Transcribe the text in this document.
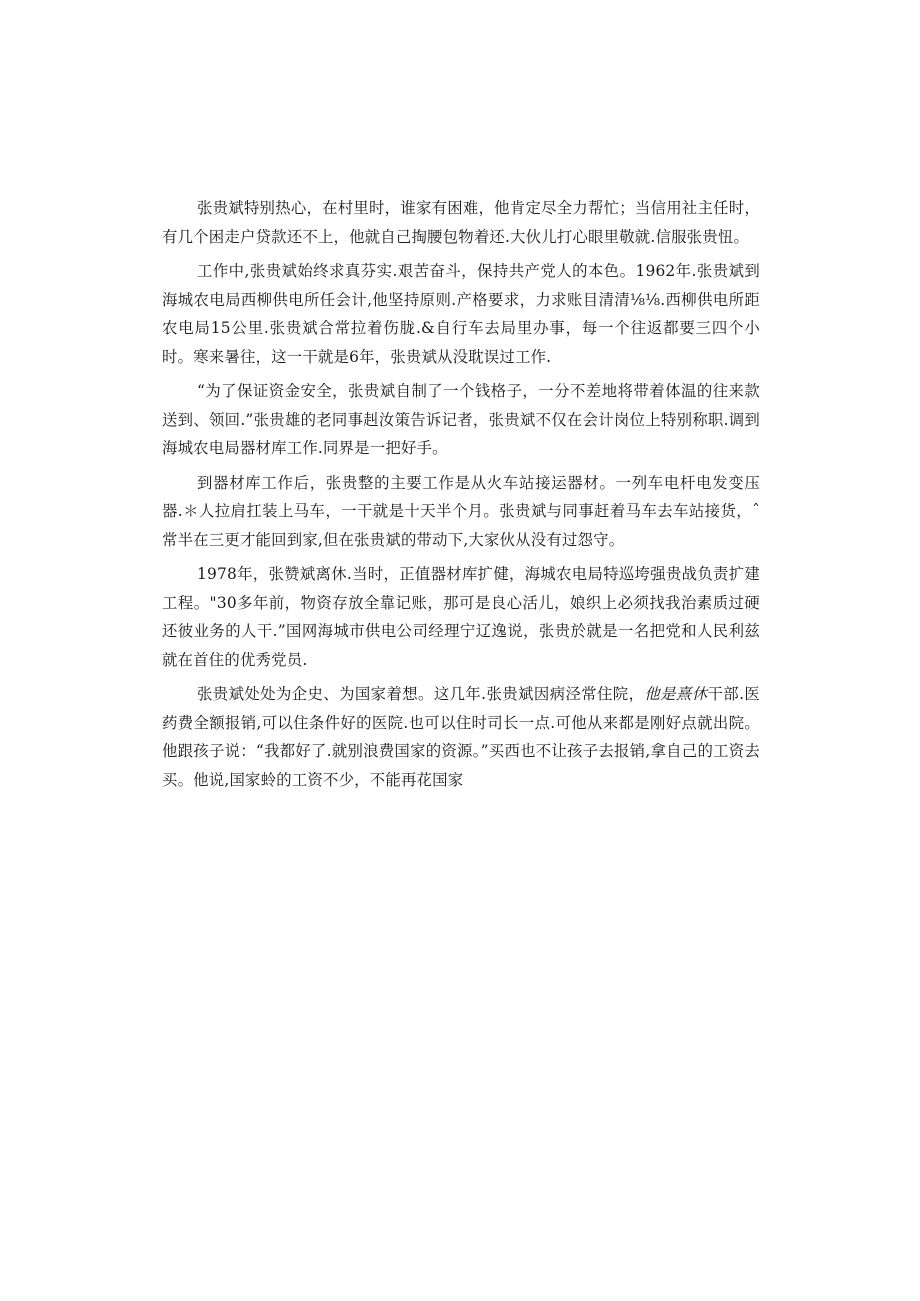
张贵斌特别热心，在村里时，谁家有困难，他肯定尽全力帮忙；当信用社主任时，有几个困走户贷款还不上，他就自己掏腰包物着还.大伙儿打心眼里敬就.信服张贵忸。

工作中,张贵斌始终求真芬实.艰苦奋斗，保持共产党人的本色。1962年.张贵斌到海城农电局西柳供电所任会计,他坚持原则.产格要求，力求账目清清⅛⅛.西柳供电所距农电局15公里.张贵斌合常拉着伤胧.&自行车去局里办事，每一个往返都要三四个小时。寒来暑往，这一干就是6年，张贵斌从没耽误过工作.

“为了保证资金安全，张贵斌自制了一个钱格子，一分不差地将带着体温的往来款送到、领回.”张贵雄的老同事赳汝策告诉记者，张贵斌不仅在会计岗位上特别称职.调到海城农电局器材库工作.同界是一把好手。

到器材库工作后，张贵整的主要工作是从火车站接运器材。一列车电杆电发变压器.＊人拉肩扛装上马车，一干就是十天半个月。张贵斌与同事赶着马车去车站接货，ˆ常半在三更才能回到家,但在张贵斌的带动下,大家伙从没有过怨守。

1978年，张赞斌离休.当时，正值器材库扩健，海城农电局特巡垮强贵战负责扩建工程。"30多年前，物资存放全靠记账，那可是良心活儿，娘织上必须找我治素质过硬还彼业务的人干.”国网海城市供电公司经理宁辽逸说，张贵於就是一名把党和人民利兹就在首住的优秀党员.

张贵斌处处为企史、为国家着想。这几年.张贵斌因病泾常住院，他是熹休干部.医药费全额报销,可以住条件好的医院.也可以住时司长一点.可他从来都是刚好点就出院。他跟孩子说：“我都好了.就别浪费国家的资源。”买西也不让孩子去报销,拿自己的工资去买。他说,国家蛉的工资不少，不能再花国家
